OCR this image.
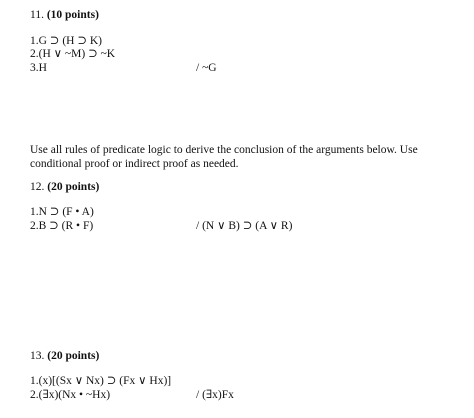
11. (10 points)
1.G ⊃ (H ⊃ K)
2.(H ∨ ~M) ⊃ ~K
3.H	/ ~G

Use all rules of predicate logic to derive the conclusion of the arguments below. Use conditional proof or indirect proof as needed.

12. (20 points)
1.N ⊃ (F • A)
2.B ⊃ (R • F)	/ (N ∨ B) ⊃ (A ∨ R)
13. (20 points)
1.(x)[(Sx ∨ Nx) ⊃ (Fx ∨ Hx)]
2.(∃x)(Nx • ~Hx)	/ (∃x)Fx
